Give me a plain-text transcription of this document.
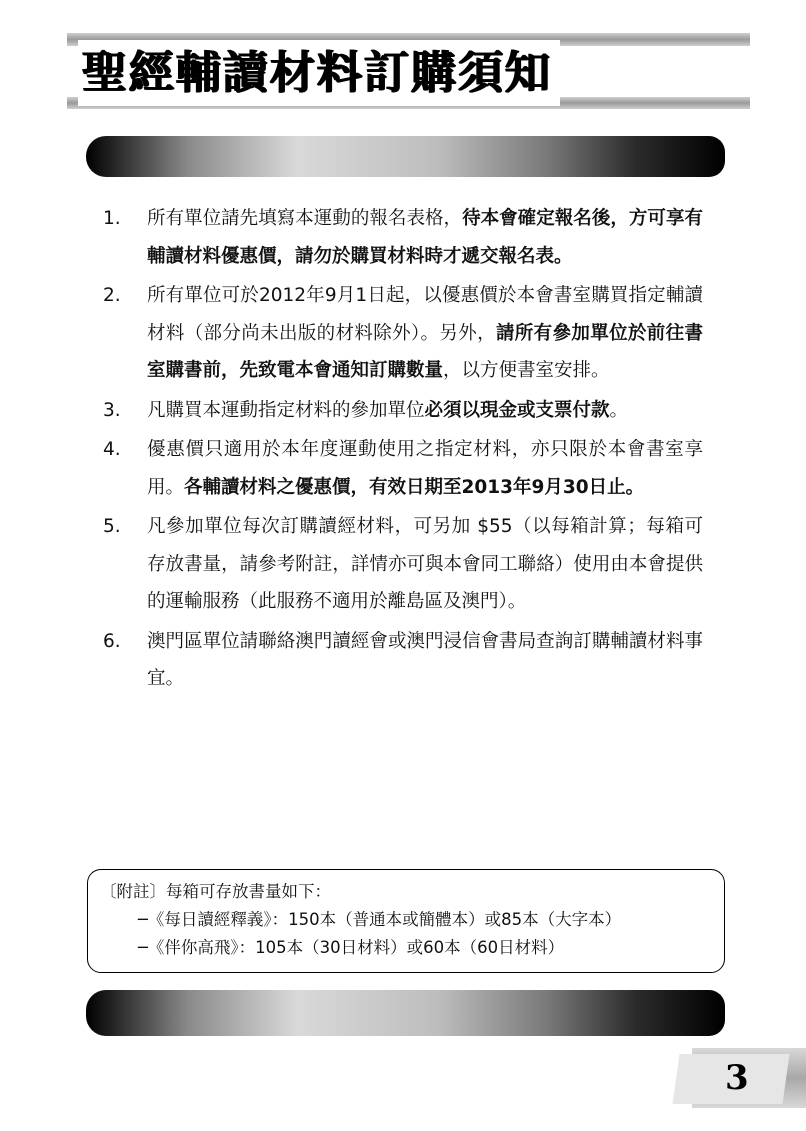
聖經輔讀材料訂購須知
1.	所有單位請先填寫本運動的報名表格，待本會確定報名後，方可享有輔讀材料優惠價，請勿於購買材料時才遞交報名表。
2.	所有單位可於2012年9月1日起，以優惠價於本會書室購買指定輔讀材料（部分尚未出版的材料除外）。另外，請所有參加單位於前往書室購書前，先致電本會通知訂購數量，以方便書室安排。
3.	凡購買本運動指定材料的參加單位必須以現金或支票付款。
4.	優惠價只適用於本年度運動使用之指定材料，亦只限於本會書室享用。各輔讀材料之優惠價，有效日期至2013年9月30日止。
5.	凡參加單位每次訂購讀經材料，可另加 $55（以每箱計算；每箱可存放書量，請參考附註，詳情亦可與本會同工聯絡）使用由本會提供的運輸服務（此服務不適用於離島區及澳門）。
6.	澳門區單位請聯絡澳門讀經會或澳門浸信會書局查詢訂購輔讀材料事宜。
〔附註〕每箱可存放書量如下：
─《每日讀經釋義》：150本（普通本或簡體本）或85本（大字本）
─《伴你高飛》：105本（30日材料）或60本（60日材料）
3
